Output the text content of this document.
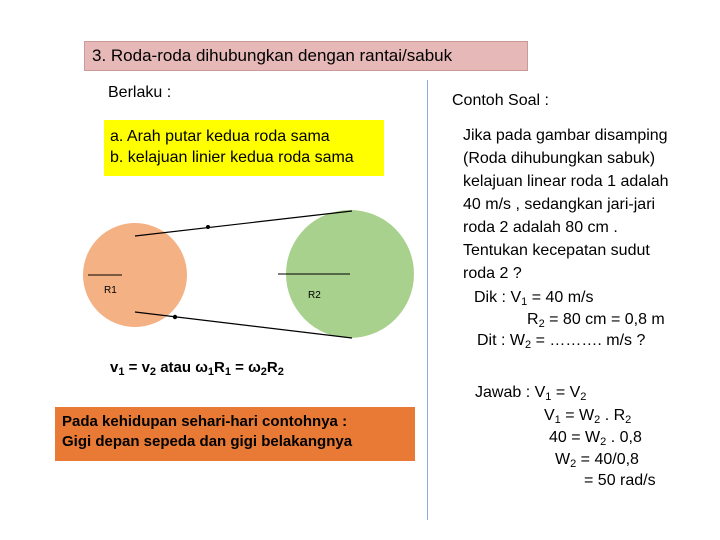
3. Roda-roda dihubungkan dengan rantai/sabuk
Berlaku :
a. Arah putar kedua roda sama
b. kelajuan linier kedua roda sama
R1	R2
$v_1 = v_2$ atau $\omega_1R_1 = \omega_2R_2$
Pada kehidupan sehari-hari contohnya :
Gigi depan sepeda dan gigi belakangnya
Contoh Soal :
Jika pada gambar disamping
(Roda dihubungkan sabuk)
kelajuan linear roda 1 adalah
40 m/s , sedangkan jari-jari
roda 2 adalah 80 cm .
Tentukan kecepatan sudut
roda 2 ?
Dik : $V_1 = 40$ m/s
$R_2 = 80$ cm = 0,8 m
Dit : $W_2$ = ………. m/s ?
Jawab : $V_1 = V_2$
$V_1 = W_2$ . $R_2$
$40 = W_2$ . 0,8
$W_2 = 40/0,8$
= 50 rad/s
